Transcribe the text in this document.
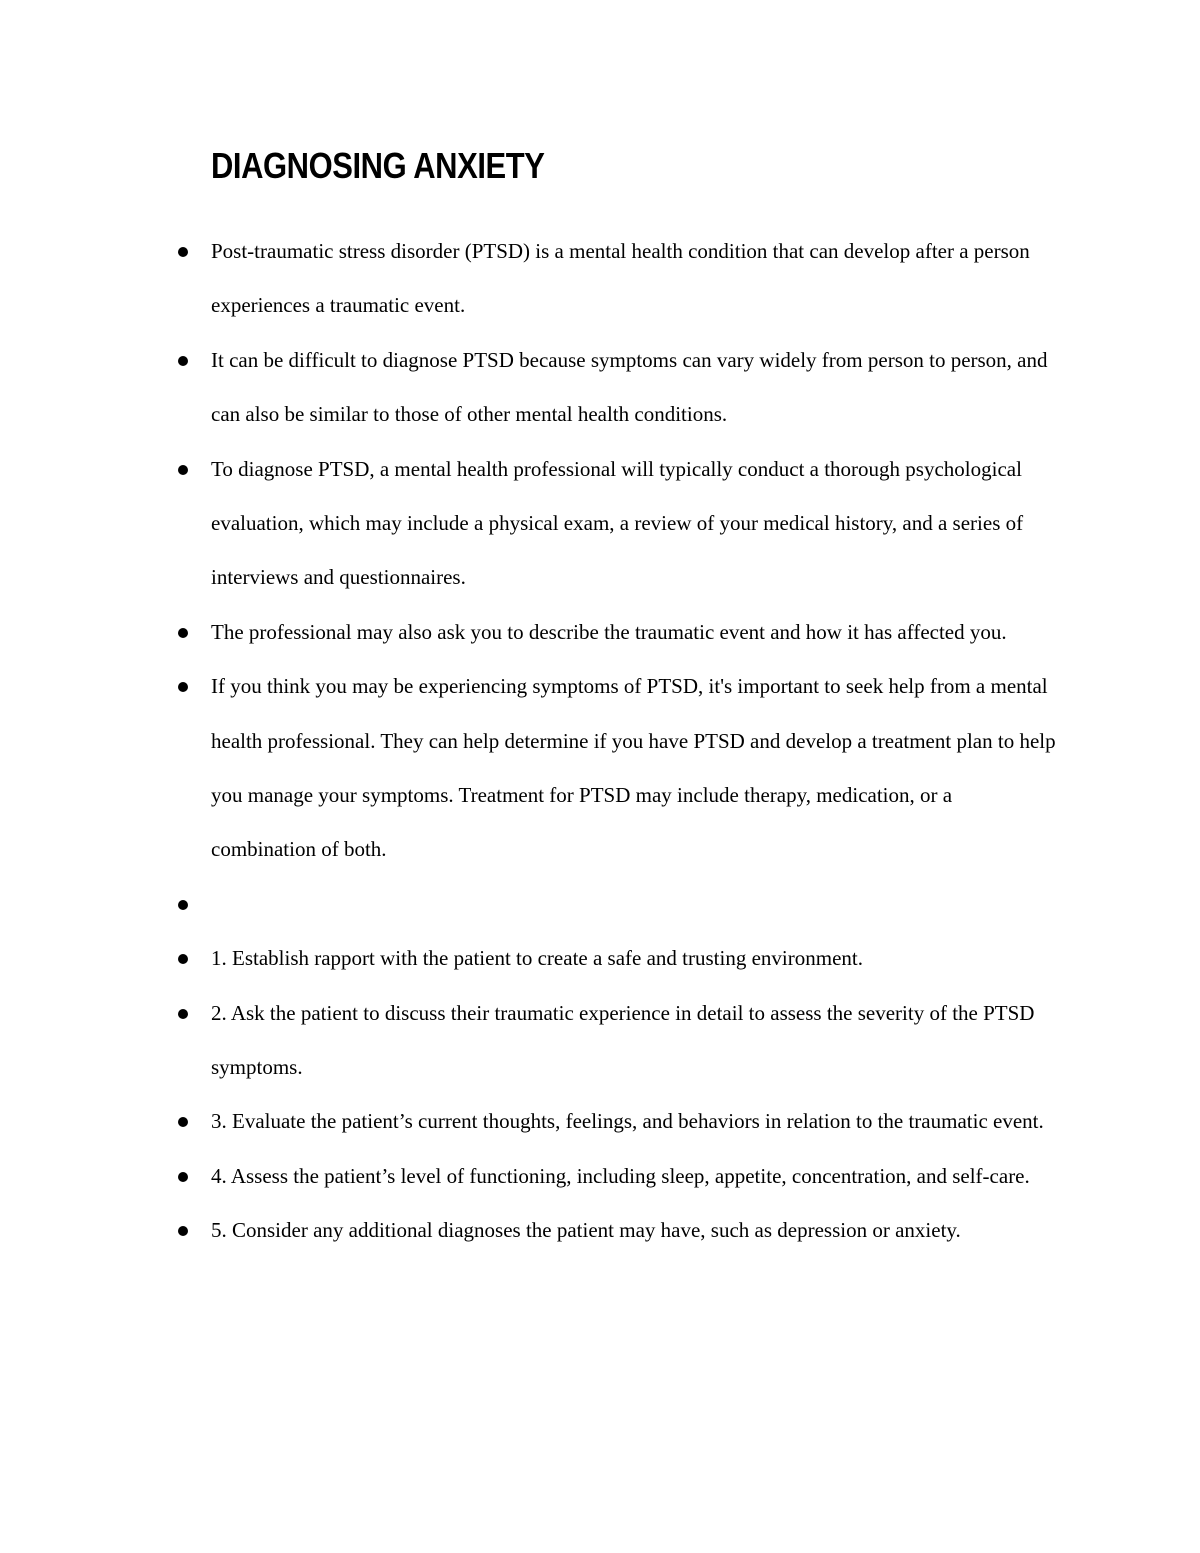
DIAGNOSING ANXIETY
Post-traumatic stress disorder (PTSD) is a mental health condition that can develop after a person experiences a traumatic event.
It can be difficult to diagnose PTSD because symptoms can vary widely from person to person, and can also be similar to those of other mental health conditions.
To diagnose PTSD, a mental health professional will typically conduct a thorough psychological evaluation, which may include a physical exam, a review of your medical history, and a series of interviews and questionnaires.
The professional may also ask you to describe the traumatic event and how it has affected you.
If you think you may be experiencing symptoms of PTSD, it's important to seek help from a mental health professional. They can help determine if you have PTSD and develop a treatment plan to help you manage your symptoms. Treatment for PTSD may include therapy, medication, or a combination of both.
1. Establish rapport with the patient to create a safe and trusting environment.
2. Ask the patient to discuss their traumatic experience in detail to assess the severity of the PTSD symptoms.
3. Evaluate the patient’s current thoughts, feelings, and behaviors in relation to the traumatic event.
4. Assess the patient’s level of functioning, including sleep, appetite, concentration, and self-care.
5. Consider any additional diagnoses the patient may have, such as depression or anxiety.
